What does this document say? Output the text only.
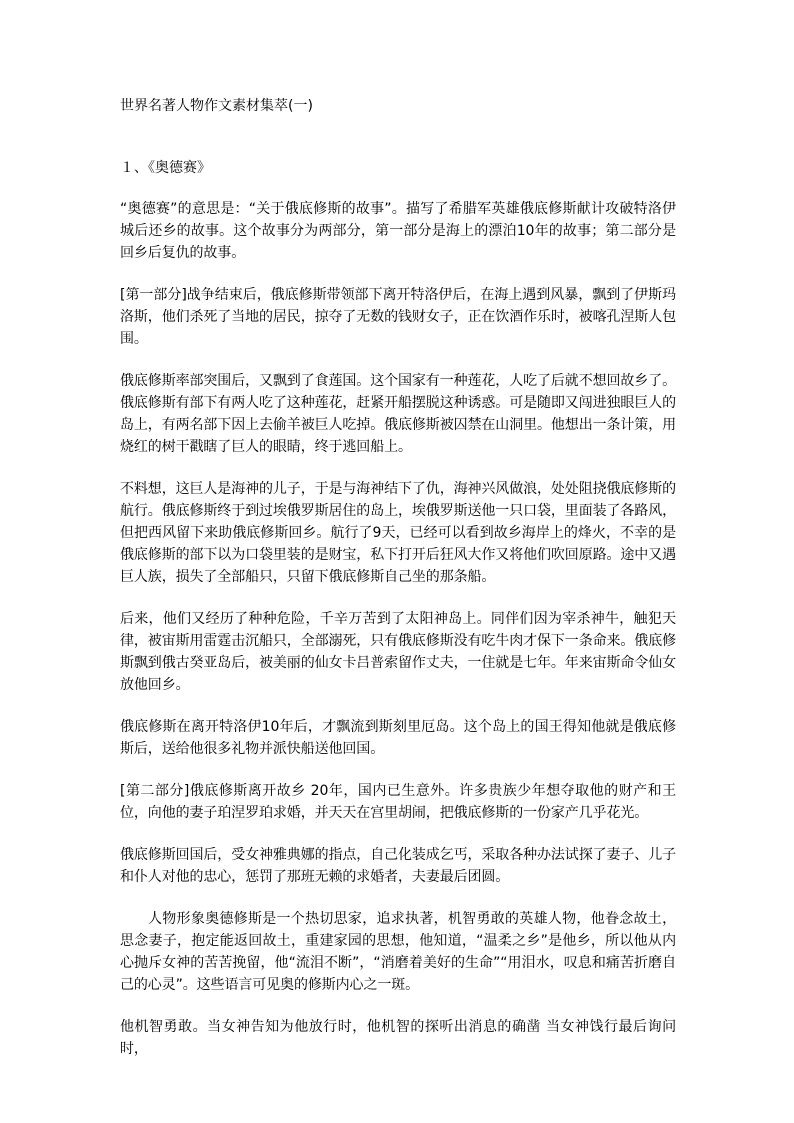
世界名著人物作文素材集萃(一)
１、《奥德赛》

“奥德赛”的意思是：“关于俄底修斯的故事”。描写了希腊军英雄俄底修斯献计攻破特洛伊城后还乡的故事。这个故事分为两部分，第一部分是海上的漂泊10年的故事；第二部分是回乡后复仇的故事。

[第一部分]战争结束后，俄底修斯带领部下离开特洛伊后，在海上遇到风暴，飘到了伊斯玛洛斯，他们杀死了当地的居民，掠夺了无数的钱财女子，正在饮酒作乐时，被喀孔涅斯人包围。

俄底修斯率部突围后，又飘到了食莲国。这个国家有一种莲花，人吃了后就不想回故乡了。俄底修斯有部下有两人吃了这种莲花，赶紧开船摆脱这种诱惑。可是随即又闯进独眼巨人的岛上，有两名部下因上去偷羊被巨人吃掉。俄底修斯被囚禁在山洞里。他想出一条计策，用烧红的树干戳瞎了巨人的眼睛，终于逃回船上。

不料想，这巨人是海神的儿子，于是与海神结下了仇，海神兴风做浪，处处阻挠俄底修斯的航行。俄底修斯终于到过埃俄罗斯居住的岛上，埃俄罗斯送他一只口袋，里面装了各路风，但把西风留下来助俄底修斯回乡。航行了9天，已经可以看到故乡海岸上的烽火，不幸的是俄底修斯的部下以为口袋里装的是财宝，私下打开后狂风大作又将他们吹回原路。途中又遇巨人族，损失了全部船只，只留下俄底修斯自己坐的那条船。

后来，他们又经历了种种危险，千辛万苦到了太阳神岛上。同伴们因为宰杀神牛，触犯天律，被宙斯用雷霆击沉船只，全部溺死，只有俄底修斯没有吃牛肉才保下一条命来。俄底修斯飘到俄古癸亚岛后，被美丽的仙女卡吕普索留作丈夫，一住就是七年。年来宙斯命令仙女放他回乡。

俄底修斯在离开特洛伊10年后，才飘流到斯刻里厄岛。这个岛上的国王得知他就是俄底修斯后，送给他很多礼物并派快船送他回国。

[第二部分]俄底修斯离开故乡 20年，国内已生意外。许多贵族少年想夺取他的财产和王位，向他的妻子珀涅罗珀求婚，并天天在宫里胡闹，把俄底修斯的一份家产几乎花光。

俄底修斯回国后，受女神雅典娜的指点，自己化装成乞丐，采取各种办法试探了妻子、儿子和仆人对他的忠心，惩罚了那班无赖的求婚者，夫妻最后团圆。

人物形象奥德修斯是一个热切思家，追求执著，机智勇敢的英雄人物，他眷念故土，思念妻子，抱定能返回故土，重建家园的思想，他知道，“温柔之乡”是他乡，所以他从内心抛斥女神的苦苦挽留，他“流泪不断”，“消磨着美好的生命”“用泪水，叹息和痛苦折磨自己的心灵”。这些语言可见奥的修斯内心之一斑。

他机智勇敢。当女神告知为他放行时，他机智的探听出消息的确凿 当女神饯行最后询问时，
